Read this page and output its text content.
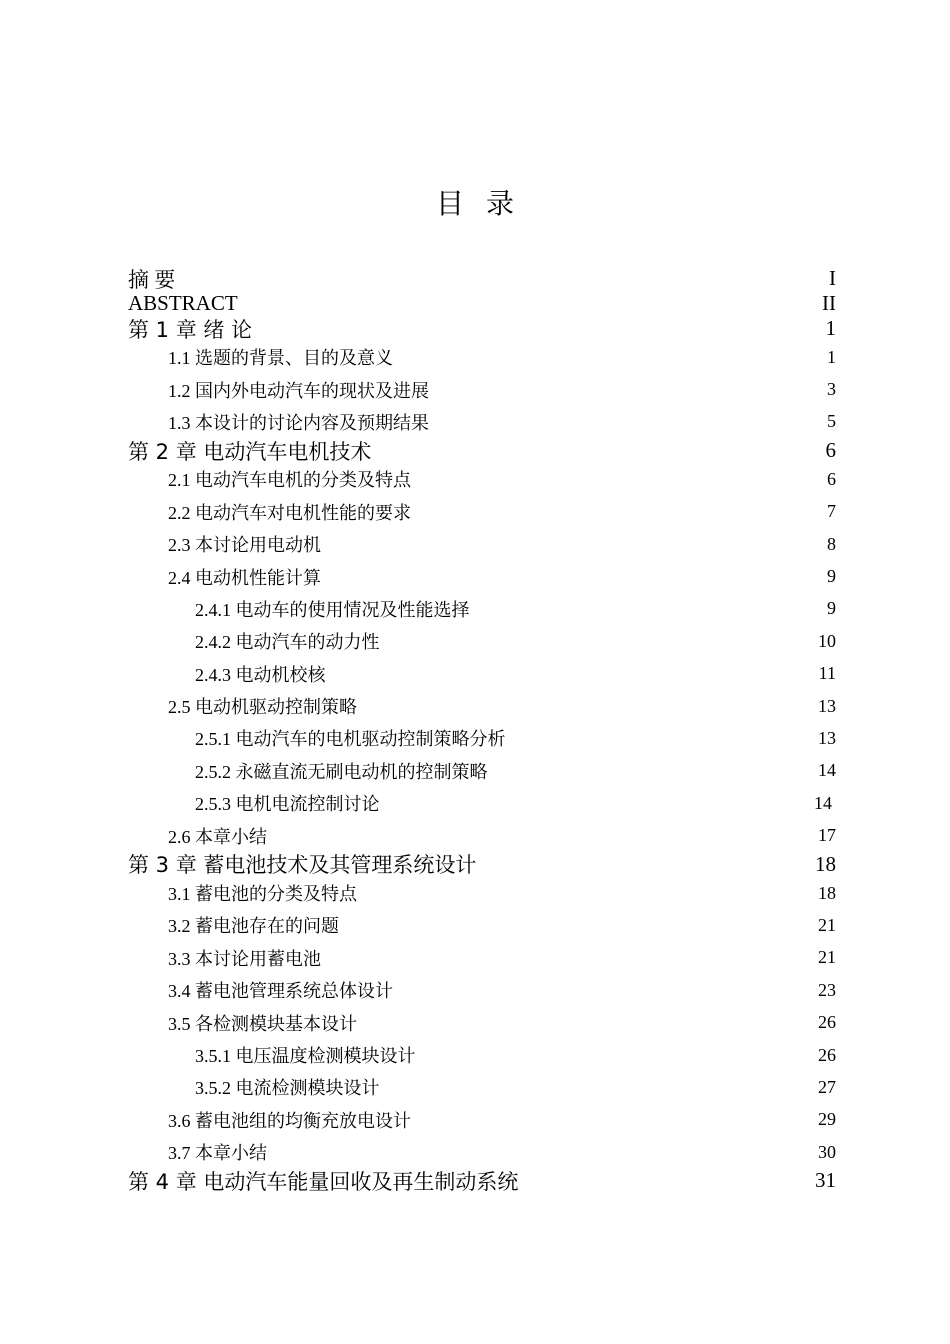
目录
摘 要	I
ABSTRACT	II
第 1 章 绪 论	1
1.1 选题的背景、目的及意义	1
1.2 国内外电动汽车的现状及进展	3
1.3 本设计的讨论内容及预期结果	5
第 2 章 电动汽车电机技术	6
2.1 电动汽车电机的分类及特点	6
2.2 电动汽车对电机性能的要求	7
2.3 本讨论用电动机	8
2.4 电动机性能计算	9
2.4.1 电动车的使用情况及性能选择	9
2.4.2 电动汽车的动力性	10
2.4.3 电动机校核	11
2.5 电动机驱动控制策略	13
2.5.1 电动汽车的电机驱动控制策略分析	13
2.5.2 永磁直流无刷电动机的控制策略	14
2.5.3 电机电流控制讨论	14
2.6 本章小结	17
第 3 章 蓄电池技术及其管理系统设计	18
3.1 蓄电池的分类及特点	18
3.2 蓄电池存在的问题	21
3.3 本讨论用蓄电池	21
3.4 蓄电池管理系统总体设计	23
3.5 各检测模块基本设计	26
3.5.1 电压温度检测模块设计	26
3.5.2 电流检测模块设计	27
3.6 蓄电池组的均衡充放电设计	29
3.7 本章小结	30
第 4 章 电动汽车能量回收及再生制动系统	31
